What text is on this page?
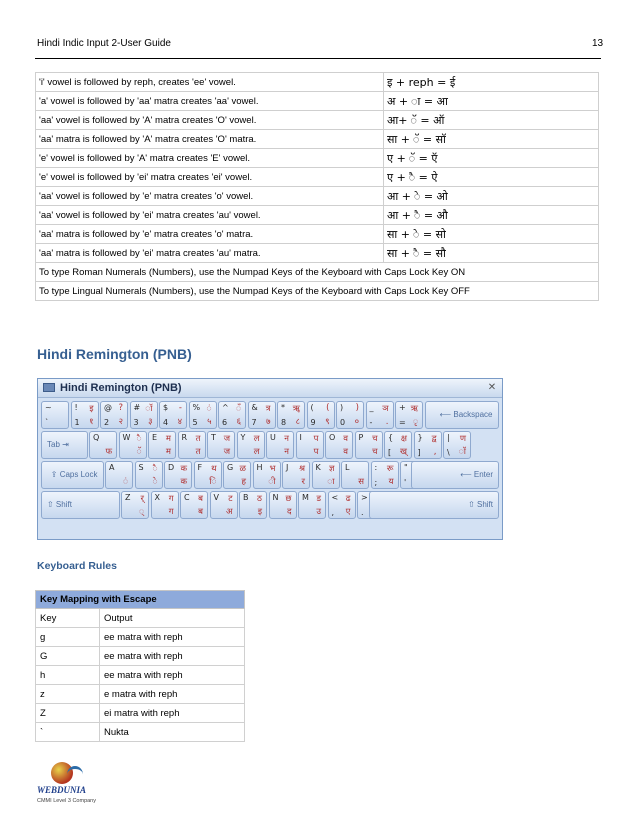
Hindi Indic Input 2-User Guide	13
'i' vowel is followed by reph, creates 'ee' vowel.	इ + reph = ई
'a' vowel is followed by 'aa' matra creates 'aa' vowel.	अ + ा = आ
'aa' vowel is followed by 'A' matra creates 'O' vowel.	आ+ ॅ = ऑ
'aa' matra is followed by 'A' matra creates 'O' matra.	सा + ॅ = सॉ
'e' vowel is followed by 'A' matra creates 'E' vowel.	ए + ॅ = ऍ
'e' vowel is followed by 'ei' matra creates 'ei' vowel.	ए + ै = ऐ
'aa' vowel is followed by 'e' matra creates 'o' vowel.	आ + े = ओ
'aa' vowel is followed by 'ei' matra creates 'au' vowel.	आ + ै = औ
'aa' matra is followed by 'e' matra creates 'o' matra.	सा + े = सो
'aa' matra is followed by 'ei' matra creates 'au' matra.	सा + ै = सौ
To type Roman Numerals (Numbers), use the Numpad Keys of the Keyboard with Caps Lock Key ON	
To type Lingual Numerals (Numbers), use the Numpad Keys of the Keyboard with Caps Lock Key OFF	
Hindi Remington (PNB)
Hindi Remington (PNB)	✕
~
`
!
1
इ
१
@
2
?
२
#
3
ॉ
३
$
4
-
४
%
5
ं
५
^
6
ँ
६
&
7
त्र
७
*
8
ॠ
८
(
9
(
९
)
0
)
०
_
-
ञ
.
+
=
ऋ
ृ
⟵ Backspace
Tab ⇥
Q
फ
W ै
ॅ
E म
म
R त
त
T ज
ज
Y ल
ल
U न
न
I प
प
O व
व
P च
च
{
[
क्ष
ख्
}
]
द्व
,
|
\
ण
ॉ
⇪ Caps Lock
A
ं
S ै
े
D क
क
F थ
ि
G ळ
ह
H भ
ी
J श्र
र
K ज्ञ
ा
L
स
:
;
रू
य
"
'
⟵ Enter
⇧ Shift
Z र्
्
X ग
ग
C ब
ब
V ट
अ
B ठ
इ
N छ
द
M ड
उ
<
,
ढ
ए
>
.
⇧ Shift
Keyboard Rules
Key Mapping with Escape	
Key	Output
g	ee matra with reph
G	ee matra with reph
h	ee matra with reph
z	e matra with reph
Z	ei matra with reph
`	Nukta
WEBDUNIA
CMMI Level 3 Company
